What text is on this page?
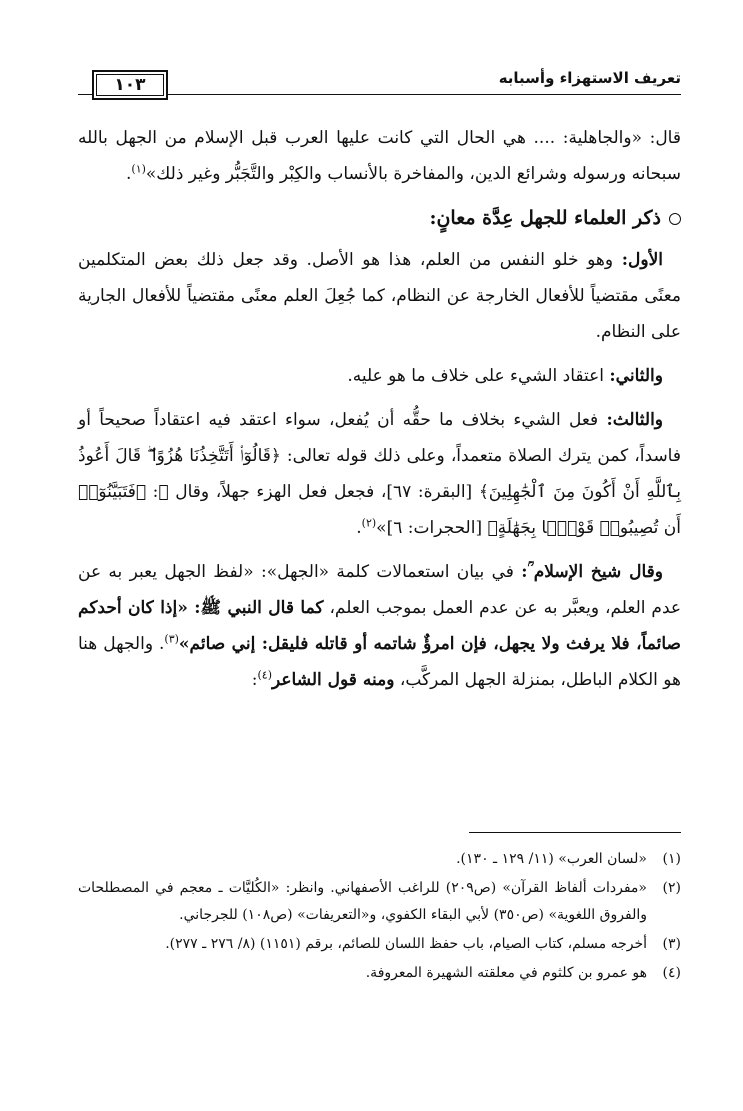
تعريف الاستهزاء وأسبابه
١٠٣

قال: «والجاهلية: .... هي الحال التي كانت عليها العرب قبل الإسلام من الجهل بالله سبحانه ورسوله وشرائع الدين، والمفاخرة بالأنساب والكِبْر والتَّجَبُّر وغير ذلك»$^{(١)}$.

ذكر العلماء للجهل عِدَّة معانٍ:

الأول: وهو خلو النفس من العلم، هذا هو الأصل. وقد جعل ذلك بعض المتكلمين معنًى مقتضياً للأفعال الخارجة عن النظام، كما جُعِلَ العلم معنًى مقتضياً للأفعال الجارية على النظام.

والثاني: اعتقاد الشيء على خلاف ما هو عليه.

والثالث: فعل الشيء بخلاف ما حقُّه أن يُفعل، سواء اعتقد فيه اعتقاداً صحيحاً أو فاسداً، كمن يترك الصلاة متعمداً، وعلى ذلك قوله تعالى: ﴿قَالُوٓا۟ أَتَتَّخِذُنَا هُزُوًا ۖ قَالَ أَعُوذُ بِٱللَّهِ أَنْ أَكُونَ مِنَ ٱلْجَٰهِلِينَ﴾ [البقرة: ٦٧]، فجعل فعل الهزء جهلاً، وقال ﷻ: ﴿فَتَبَيَّنُوٓا۟ أَن تُصِيبُوا۟ قَوْمًۢا بِجَهَٰلَةٍ﴾ [الحجرات: ٦]»$^{(٢)}$.

وقال شيخ الإسلام ؒ: في بيان استعمالات كلمة «الجهل»: «لفظ الجهل يعبر به عن عدم العلم، ويعبَّر به عن عدم العمل بموجب العلم، كما قال النبي ﷺ: «إذا كان أحدكم صائماً، فلا يرفث ولا يجهل، فإن امرؤٌ شاتمه أو قاتله فليقل: إني صائم»$^{(٣)}$. والجهل هنا هو الكلام الباطل، بمنزلة الجهل المركَّب، ومنه قول الشاعر$^{(٤)}$:

(١)
«لسان العرب» (١١/ ١٢٩ ـ ١٣٠).
(٢)
«مفردات ألفاظ القرآن» (ص٢٠٩) للراغب الأصفهاني. وانظر: «الكُليَّات ـ معجم في المصطلحات والفروق اللغوية» (ص٣٥٠) لأبي البقاء الكفوي، و«التعريفات» (ص١٠٨) للجرجاني.
(٣)
أخرجه مسلم، كتاب الصيام، باب حفظ اللسان للصائم، برقم (١١٥١) (٨/ ٢٧٦ ـ ٢٧٧).
(٤)
هو عمرو بن كلثوم في معلقته الشهيرة المعروفة.
